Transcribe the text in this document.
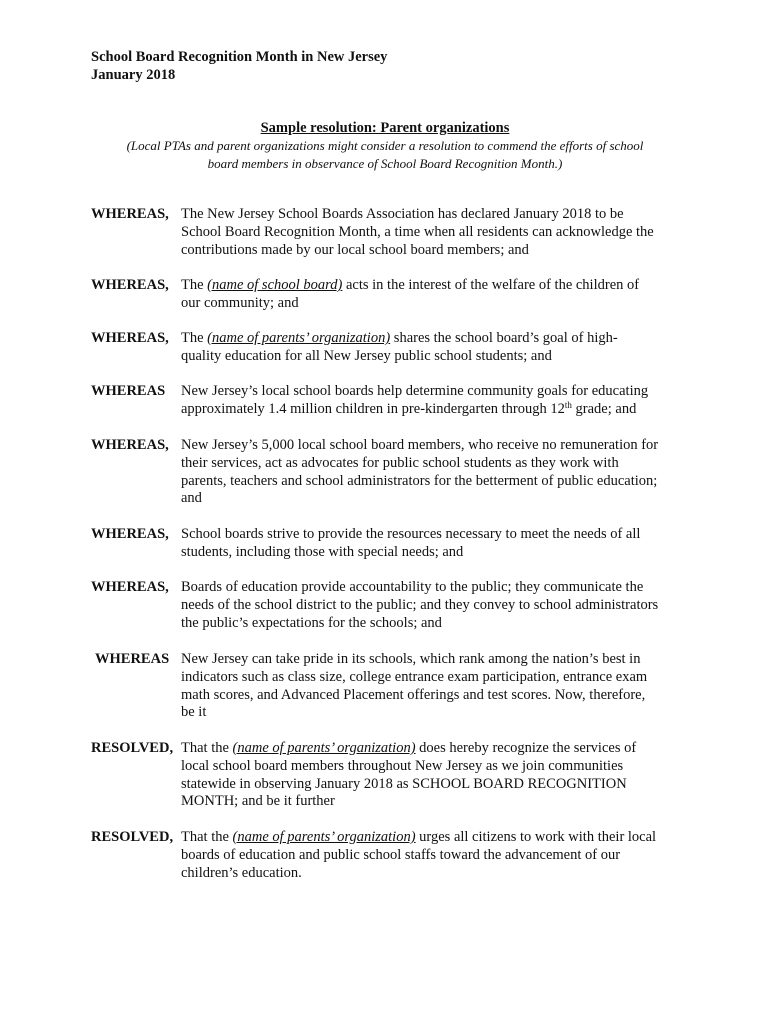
School Board Recognition Month in New Jersey
January 2018
Sample resolution: Parent organizations
(Local PTAs and parent organizations might consider a resolution to commend the efforts of school
board members in observance of School Board Recognition Month.)
WHEREAS, The New Jersey School Boards Association has declared January 2018 to be
School Board Recognition Month, a time when all residents can acknowledge the
contributions made by our local school board members; and
WHEREAS, The (name of school board) acts in the interest of the welfare of the children of
our community; and
WHEREAS, The (name of parents’ organization) shares the school board’s goal of high-
quality education for all New Jersey public school students; and
WHEREAS New Jersey’s local school boards help determine community goals for educating
approximately 1.4 million children in pre-kindergarten through 12th grade; and
WHEREAS, New Jersey’s 5,000 local school board members, who receive no remuneration for
their services, act as advocates for public school students as they work with
parents, teachers and school administrators for the betterment of public education;
and
WHEREAS, School boards strive to provide the resources necessary to meet the needs of all
students, including those with special needs; and
WHEREAS, Boards of education provide accountability to the public; they communicate the
needs of the school district to the public; and they convey to school administrators
the public’s expectations for the schools; and
WHEREAS New Jersey can take pride in its schools, which rank among the nation’s best in
indicators such as class size, college entrance exam participation, entrance exam
math scores, and Advanced Placement offerings and test scores. Now, therefore,
be it
RESOLVED, That the (name of parents’ organization) does hereby recognize the services of
local school board members throughout New Jersey as we join communities
statewide in observing January 2018 as SCHOOL BOARD RECOGNITION
MONTH; and be it further
RESOLVED, That the (name of parents’ organization) urges all citizens to work with their local
boards of education and public school staffs toward the advancement of our
children’s education.
